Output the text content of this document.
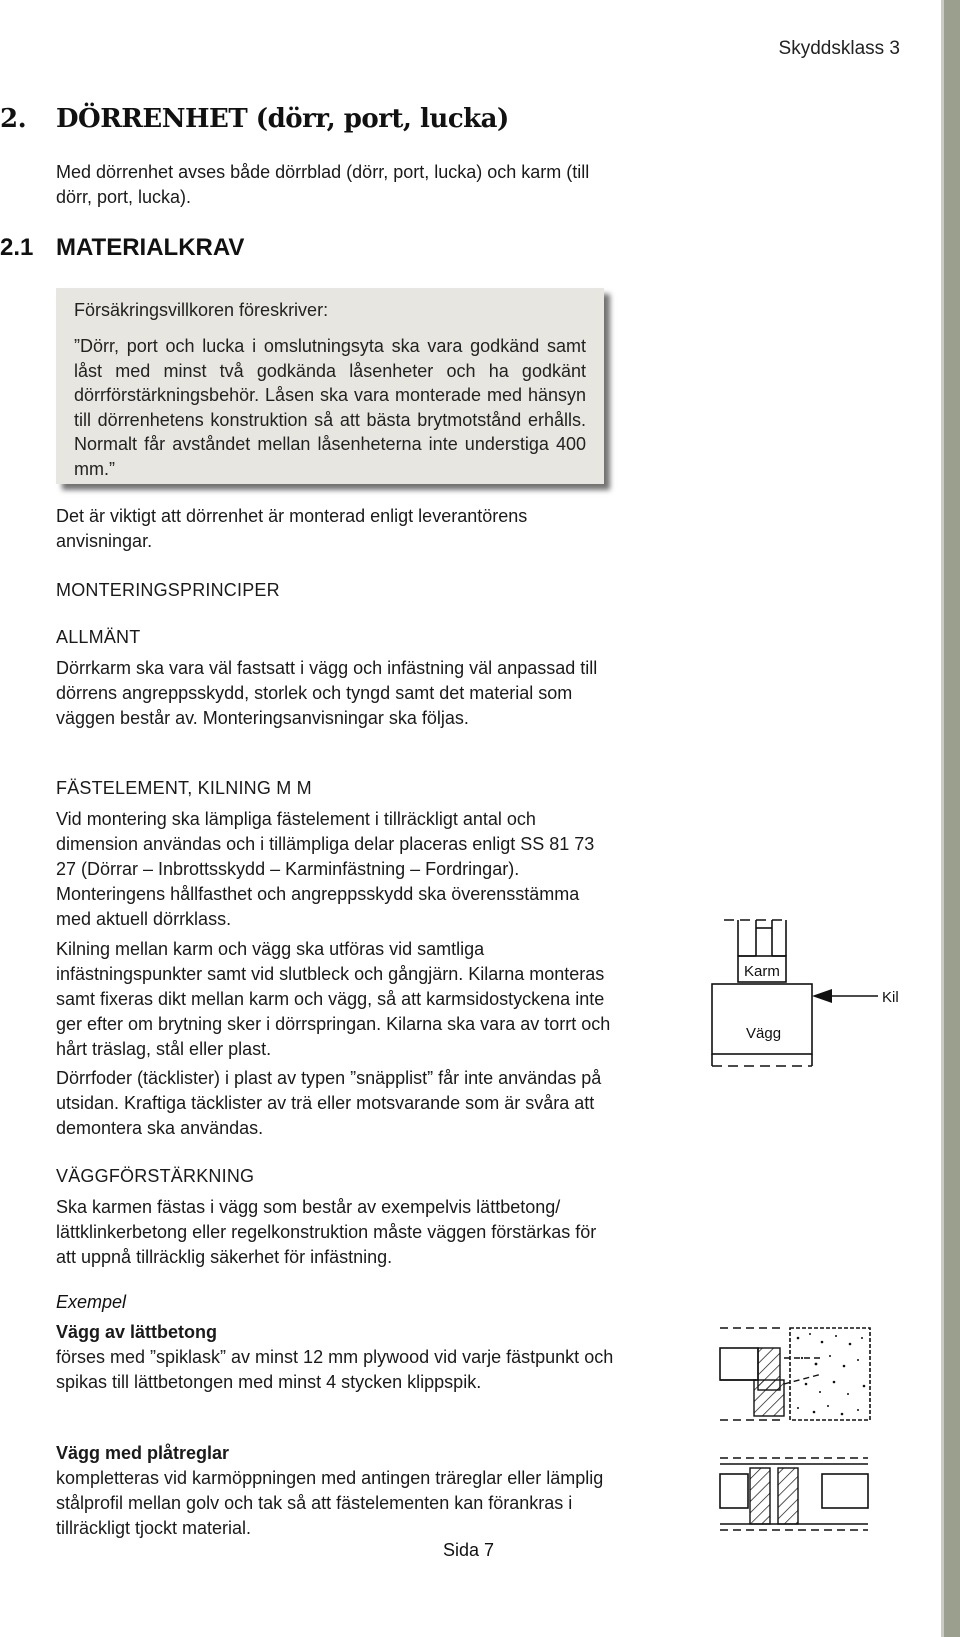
Skyddsklass 3
2. DÖRRENHET (dörr, port, lucka)
Med dörrenhet avses både dörrblad (dörr, port, lucka) och karm (till dörr, port, lucka).
2.1 MATERIALKRAV
Försäkringsvillkoren föreskriver:
”Dörr, port och lucka i omslutningsyta ska vara godkänd samt låst med minst två godkända låsenheter och ha godkänt dörrförstärkningsbehör. Låsen ska vara monterade med hänsyn till dörrenhetens konstruktion så att bästa brytmotstånd erhålls. Normalt får avståndet mellan låsenheterna inte understiga 400 mm.”
Det är viktigt att dörrenhet är monterad enligt leverantörens anvisningar.
MONTERINGSPRINCIPER
ALLMÄNT
Dörrkarm ska vara väl fastsatt i vägg och infästning väl anpassad till dörrens angreppsskydd, storlek och tyngd samt det material som väggen består av. Monteringsanvisningar ska följas.
FÄSTELEMENT, KILNING M M
Vid montering ska lämpliga fästelement i tillräckligt antal och dimension användas och i tillämpliga delar placeras enligt SS 81 73 27 (Dörrar – Inbrottsskydd – Karminfästning – Fordringar). Monteringens hållfasthet och angreppsskydd ska överensstämma med aktuell dörrklass.
Kilning mellan karm och vägg ska utföras vid samtliga infästningspunkter samt vid slutbleck och gångjärn. Kilarna monteras samt fixeras dikt mellan karm och vägg, så att karmsidostyckena inte ger efter om brytning sker i dörrspringan. Kilarna ska vara av torrt och hårt träslag, stål eller plast.
Dörrfoder (täcklister) i plast av typen ”snäpplist” får inte användas på utsidan. Kraftiga täcklister av trä eller motsvarande som är svåra att demontera ska användas.
Karm
Vägg
Kil
VÄGGFÖRSTÄRKNING
Ska karmen fästas i vägg som består av exempelvis lättbetong/ lättklinkerbetong eller regelkonstruktion måste väggen förstärkas för att uppnå tillräcklig säkerhet för infästning.
Exempel
Vägg av lättbetong
förses med ”spiklask” av minst 12 mm plywood vid varje fästpunkt och spikas till lättbetongen med minst 4 stycken klippspik.
Vägg med plåtreglar
kompletteras vid karmöppningen med antingen träreglar eller lämplig stålprofil mellan golv och tak så att fästelementen kan förankras i tillräckligt tjockt material.
Sida 7
